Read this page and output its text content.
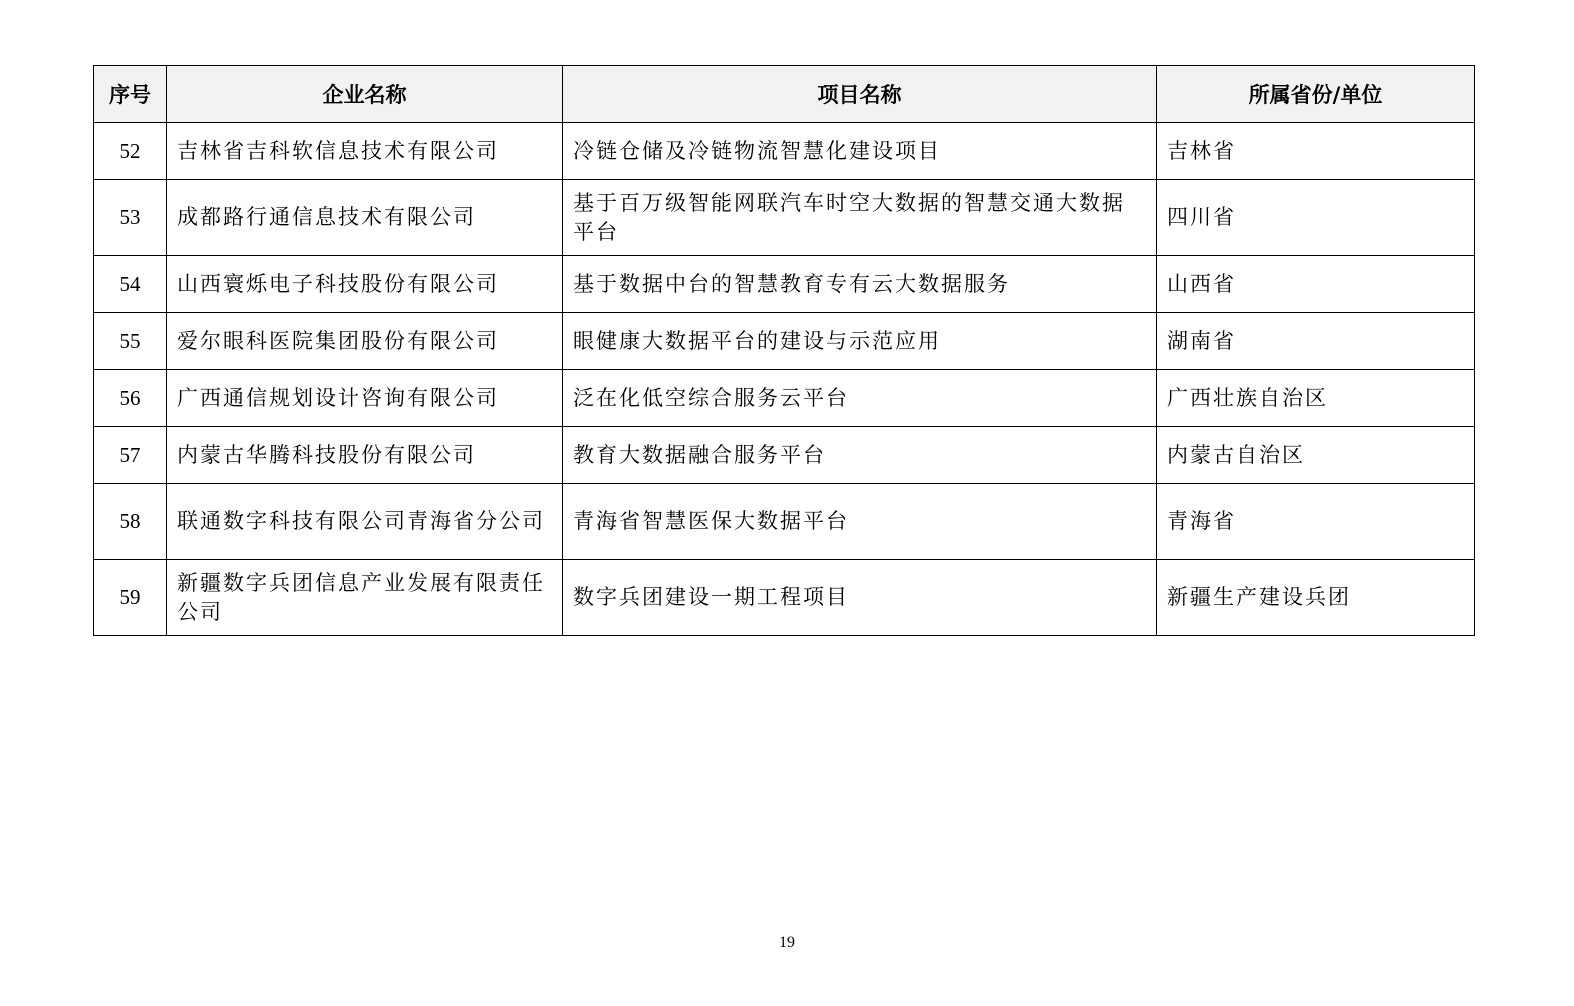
序号	企业名称	项目名称	所属省份/单位
52	吉林省吉科软信息技术有限公司	冷链仓储及冷链物流智慧化建设项目	吉林省
53	成都路行通信息技术有限公司	基于百万级智能网联汽车时空大数据的智慧交通大数据平台	四川省
54	山西寰烁电子科技股份有限公司	基于数据中台的智慧教育专有云大数据服务	山西省
55	爱尔眼科医院集团股份有限公司	眼健康大数据平台的建设与示范应用	湖南省
56	广西通信规划设计咨询有限公司	泛在化低空综合服务云平台	广西壮族自治区
57	内蒙古华腾科技股份有限公司	教育大数据融合服务平台	内蒙古自治区
58	联通数字科技有限公司青海省分公司	青海省智慧医保大数据平台	青海省
59	新疆数字兵团信息产业发展有限责任公司	数字兵团建设一期工程项目	新疆生产建设兵团
19
